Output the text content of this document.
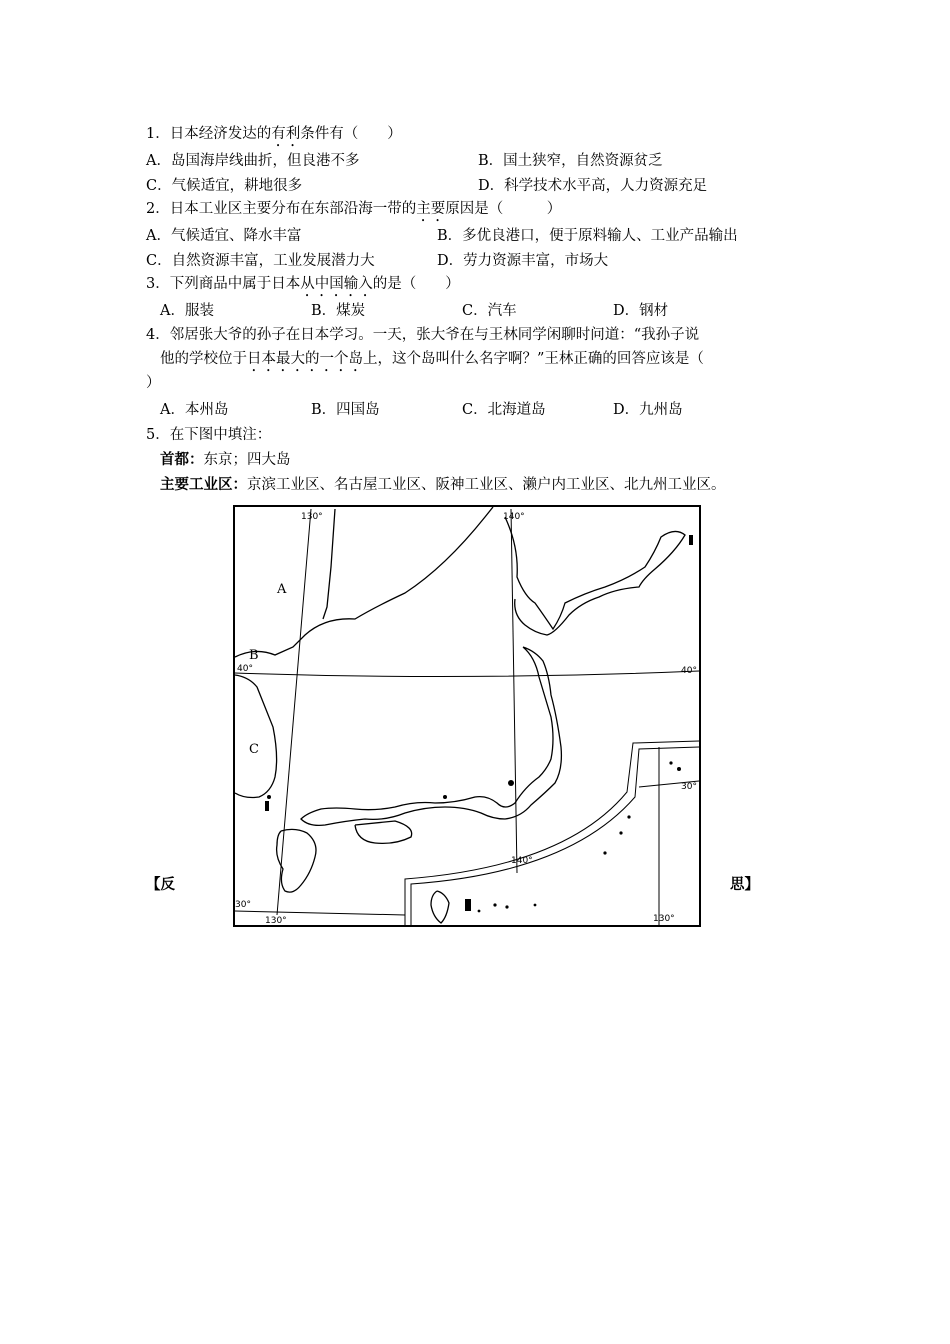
1．日本经济发达的有利条件有（　　）
A．岛国海岸线曲折，但良港不多	B．国土狭窄，自然资源贫乏
C．气候适宜，耕地很多	D．科学技术水平高，人力资源充足
2．日本工业区主要分布在东部沿海一带的主要原因是（　　　）
A．气候适宜、降水丰富	B．多优良港口，便于原料输人、工业产品输出
C．自然资源丰富，工业发展潜力大	D．劳力资源丰富，市场大
3．下列商品中属于日本从中国输入的是（　　）
A．服装	B．煤炭	C．汽车	D．钢材
4．邻居张大爷的孙子在日本学习。一天，张大爷在与王林同学闲聊时问道：“我孙子说
他的学校位于日本最大的一个岛上，这个岛叫什么名字啊？”王林正确的回答应该是（
）
A．本州岛	B．四国岛	C．北海道岛	D．九州岛
5．在下图中填注：
首都：东京；四大岛
主要工业区：京滨工业区、名古屋工业区、阪神工业区、濑户内工业区、北九州工业区。
【反	思】
130°	140°
140°
130°	130°
40°	40°
30°
30°
A
B
C
